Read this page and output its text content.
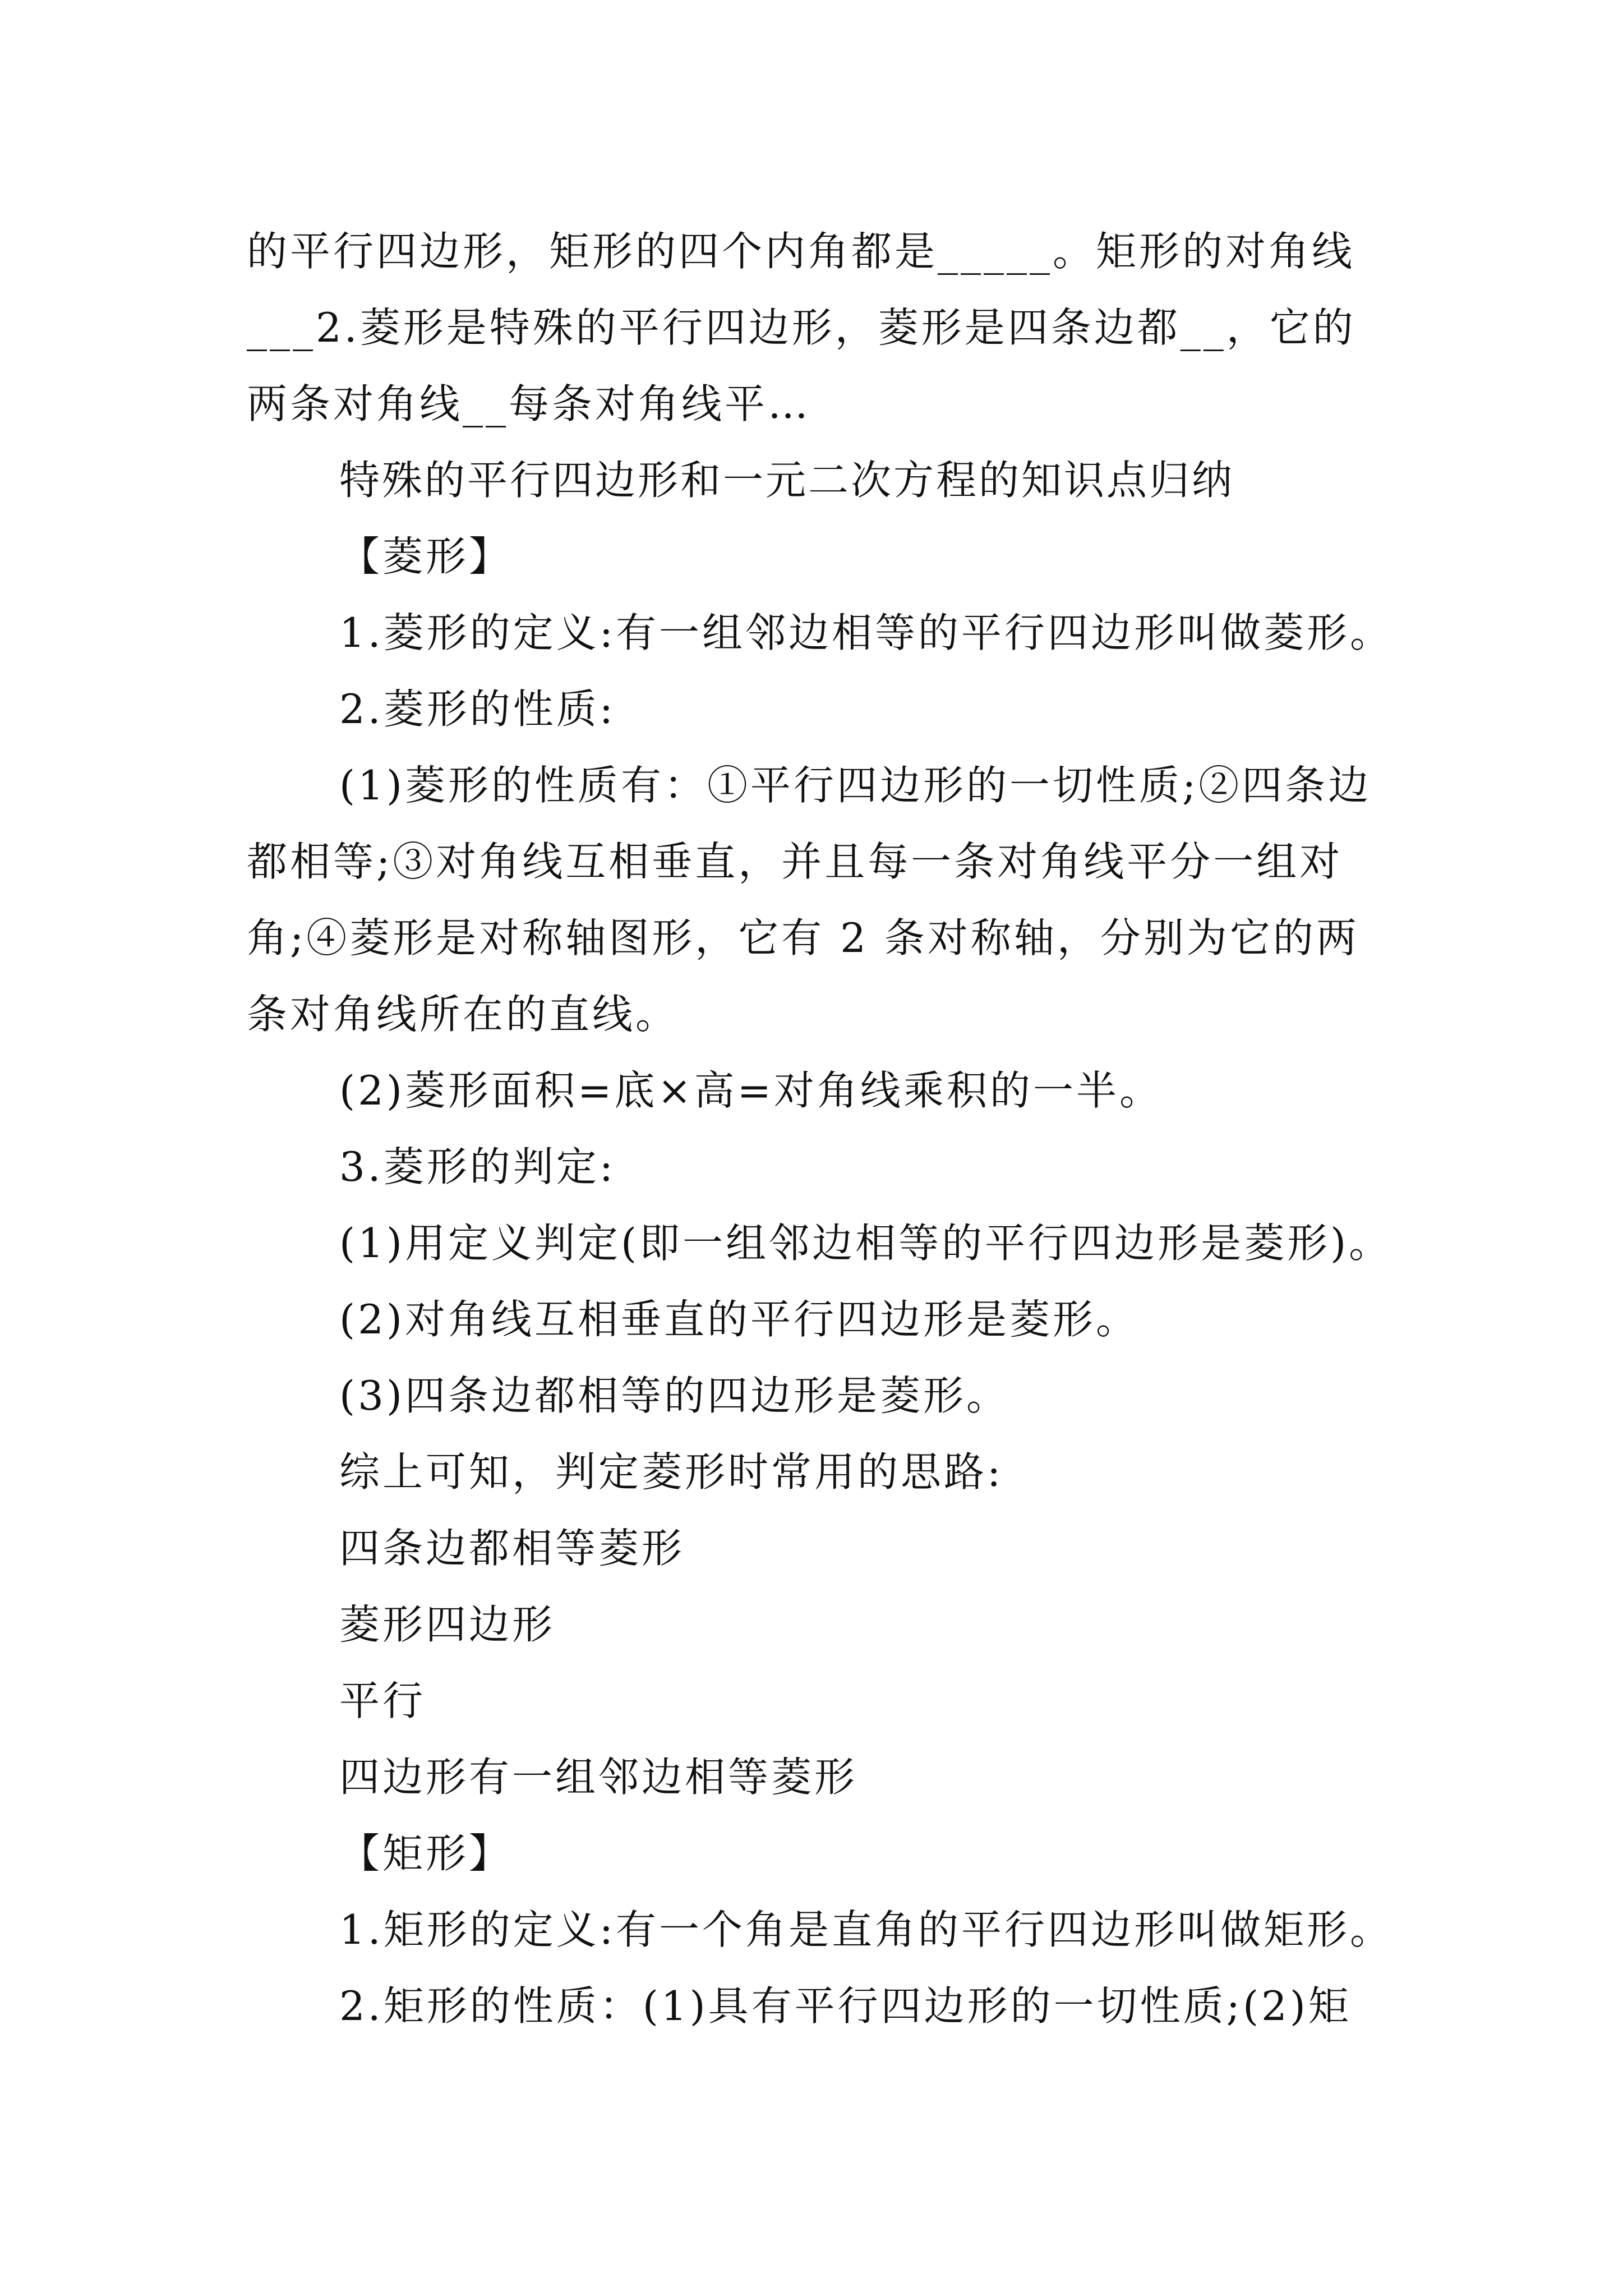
的平行四边形，矩形的四个内角都是_____。矩形的对角线
___2.菱形是特殊的平行四边形，菱形是四条边都__，它的
两条对角线__每条对角线平…
特殊的平行四边形和一元二次方程的知识点归纳
【菱形】
1.菱形的定义:有一组邻边相等的平行四边形叫做菱形。
2.菱形的性质:
(1)菱形的性质有：①平行四边形的一切性质;②四条边
都相等;③对角线互相垂直，并且每一条对角线平分一组对
角;④菱形是对称轴图形，它有 2 条对称轴，分别为它的两
条对角线所在的直线。
(2)菱形面积=底×高=对角线乘积的一半。
3.菱形的判定:
(1)用定义判定(即一组邻边相等的平行四边形是菱形)。
(2)对角线互相垂直的平行四边形是菱形。
(3)四条边都相等的四边形是菱形。
综上可知，判定菱形时常用的思路:
四条边都相等菱形
菱形四边形
平行
四边形有一组邻边相等菱形
【矩形】
1.矩形的定义:有一个角是直角的平行四边形叫做矩形。
2.矩形的性质：(1)具有平行四边形的一切性质;(2)矩
